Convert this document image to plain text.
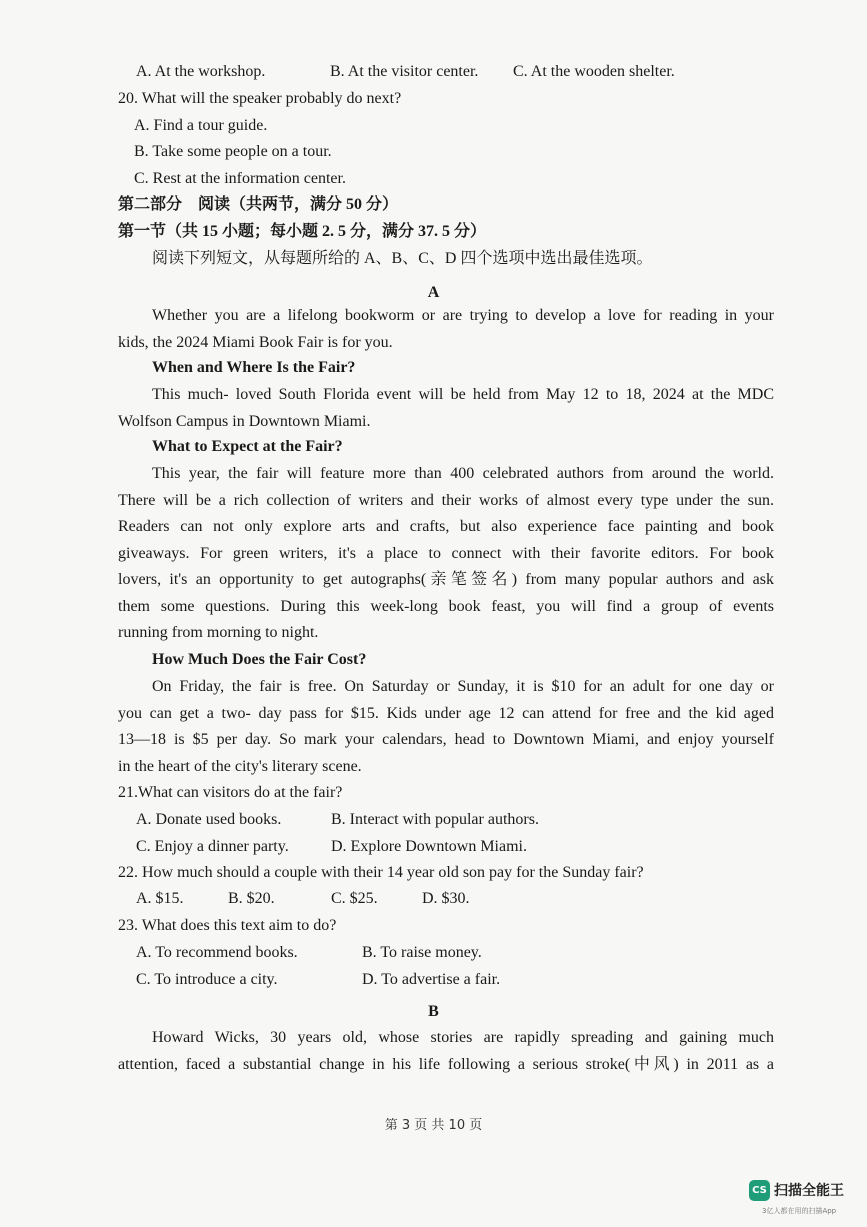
A. At the workshop.	B. At the visitor center. C. At the wooden shelter.
20. What will the speaker probably do next?
A. Find a tour guide.
B. Take some people on a tour.
C. Rest at the information center.
第二部分　阅读（共两节，满分 50 分）
第一节（共 15 小题；每小题 2. 5 分，满分 37. 5 分）
阅读下列短文，从每题所给的 A、B、C、D 四个选项中选出最佳选项。
A
Whether you are a lifelong bookworm or are trying to develop a love for reading in your
kids, the 2024 Miami Book Fair is for you.
When and Where Is the Fair?
This much- loved South Florida event will be held from May 12 to 18, 2024 at the MDC
Wolfson Campus in Downtown Miami.
What to Expect at the Fair?
This year, the fair will feature more than 400 celebrated authors from around the world.
There will be a rich collection of writers and their works of almost every type under the sun.
Readers can not only explore arts and crafts, but also experience face painting and book
giveaways. For green writers, it's a place to connect with their favorite editors. For book
lovers, it's an opportunity to get autographs(亲笔签名) from many popular authors and ask
them some questions. During this week-long book feast, you will find a group of events
running from morning to night.
How Much Does the Fair Cost?
On Friday, the fair is free. On Saturday or Sunday, it is $10 for an adult for one day or
you can get a two- day pass for $15. Kids under age 12 can attend for free and the kid aged
13—18 is $5 per day. So mark your calendars, head to Downtown Miami, and enjoy yourself
in the heart of the city's literary scene.
21.What can visitors do at the fair?
A. Donate used books.	B. Interact with popular authors.
C. Enjoy a dinner party.	D. Explore Downtown Miami.
22. How much should a couple with their 14 year old son pay for the Sunday fair?
A. $15.	B. $20.	C. $25.	D. $30.
23. What does this text aim to do?
A. To recommend books.	B. To raise money.
C. To introduce a city.	D. To advertise a fair.
B
Howard Wicks, 30 years old, whose stories are rapidly spreading and gaining much
attention, faced a substantial change in his life following a serious stroke(中风) in 2011 as a
第 3 页 共 10 页
CS 扫描全能王
3亿人都在用的扫描App
